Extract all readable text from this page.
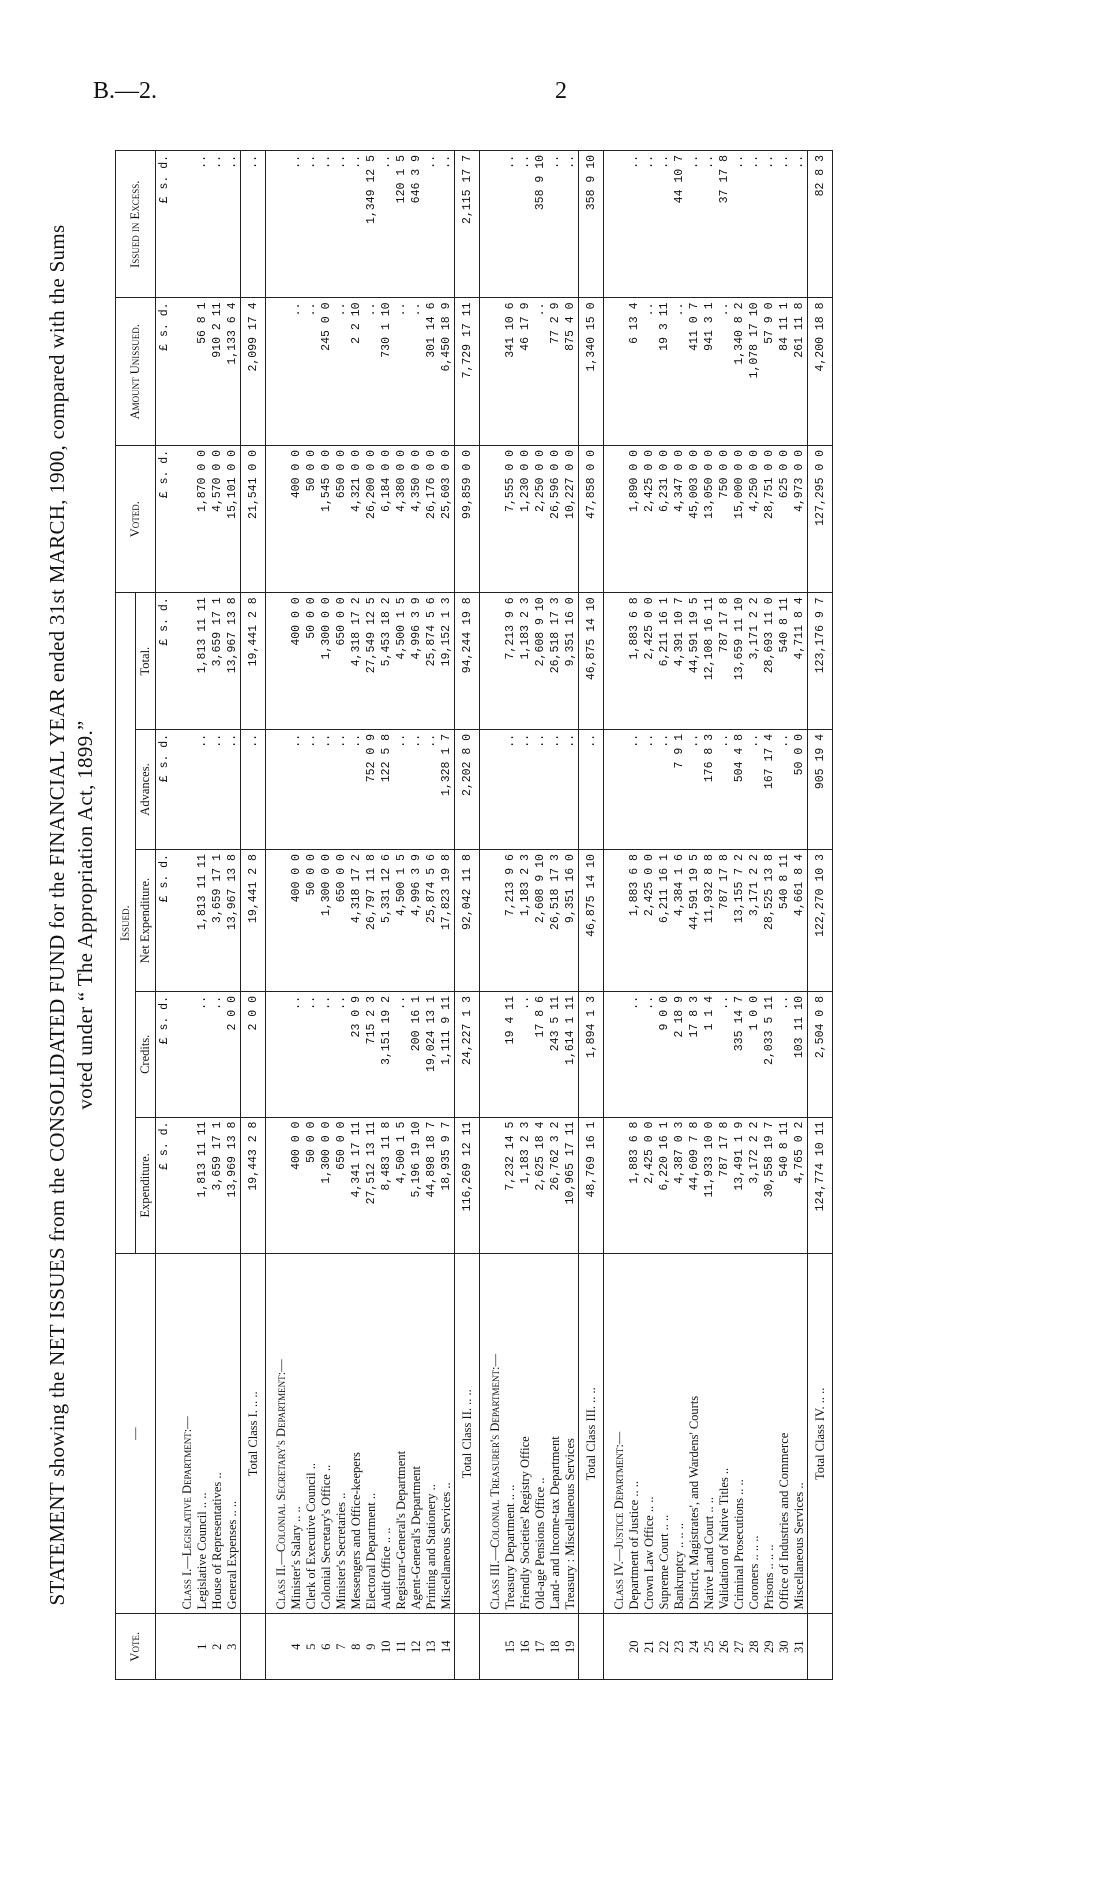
B.—2.	2
STATEMENT showing the NET ISSUES from the CONSOLIDATED FUND for the FINANCIAL YEAR ended 31st MARCH, 1900, compared with the Sums voted under “ The Appropriation Act, 1899.”
Vote.	—	Issued.					Voted.	Amount Unissued.	Issued in Excess.
		Expenditure.	Credits.	Net Expenditure.	Advances.	Total.			
		£ s. d.	£ s. d.	£ s. d.	£ s. d.	£ s. d.	£ s. d.	£ s. d.	£ s. d.

	Class I.—Legislative Department:—								
1	Legislative Council .. ..	1,813 11 11	..	1,813 11 11	..	1,813 11 11	1,870 0 0	56 8 1	..
2	House of Representatives ..	3,659 17 1	..	3,659 17 1	..	3,659 17 1	4,570 0 0	910 2 11	..
3	General Expenses .. ..	13,969 13 8	2 0 0	13,967 13 8	..	13,967 13 8	15,101 0 0	1,133 6 4	..
	Total Class I. .. ..	19,443 2 8	2 0 0	19,441 2 8	..	19,441 2 8	21,541 0 0	2,099 17 4	..

	Class II.—Colonial Secretary's Department:—								
4	Minister's Salary .. ..	400 0 0	..	400 0 0	..	400 0 0	400 0 0	..	..
5	Clerk of Executive Council ..	50 0 0	..	50 0 0	..	50 0 0	50 0 0	..	..
6	Colonial Secretary's Office ..	1,300 0 0	..	1,300 0 0	..	1,300 0 0	1,545 0 0	245 0 0	..
7	Minister's Secretaries ..	650 0 0	..	650 0 0	..	650 0 0	650 0 0	..	..
8	Messengers and Office-keepers	4,341 17 11	23 0 9	4,318 17 2	..	4,318 17 2	4,321 0 0	2 2 10	..
9	Electoral Department ..	27,512 13 11	715 2 3	26,797 11 8	752 0 9	27,549 12 5	26,200 0 0	..	1,349 12 5
10	Audit Office .. ..	8,483 11 8	3,151 19 2	5,331 12 6	122 5 8	5,453 18 2	6,184 0 0	730 1 10	..
11	Registrar-General's Department	4,500 1 5	..	4,500 1 5	..	4,500 1 5	4,380 0 0	..	120 1 5
12	Agent-General's Department	5,196 19 10	200 16 1	4,996 3 9	..	4,996 3 9	4,350 0 0	..	646 3 9
13	Printing and Stationery ..	44,898 18 7	19,024 13 1	25,874 5 6	..	25,874 5 6	26,176 0 0	301 14 6	..
14	Miscellaneous Services ..	18,935 9 7	1,111 9 11	17,823 19 8	1,328 1 7	19,152 1 3	25,603 0 0	6,450 18 9	..
	Total Class II. .. ..	116,269 12 11	24,227 1 3	92,042 11 8	2,202 8 0	94,244 19 8	99,859 0 0	7,729 17 11	2,115 17 7

	Class III.—Colonial Treasurer's Department:—								
15	Treasury Department .. ..	7,232 14 5	19 4 11	7,213 9 6	..	7,213 9 6	7,555 0 0	341 10 6	..
16	Friendly Societies' Registry Office	1,183 2 3	..	1,183 2 3	..	1,183 2 3	1,230 0 0	46 17 9	..
17	Old-age Pensions Office ..	2,625 18 4	17 8 6	2,608 9 10	..	2,608 9 10	2,250 0 0	..	358 9 10
18	Land- and Income-tax Department	26,762 3 2	243 5 11	26,518 17 3	..	26,518 17 3	26,596 0 0	77 2 9	..
19	Treasury : Miscellaneous Services	10,965 17 11	1,614 1 11	9,351 16 0	..	9,351 16 0	10,227 0 0	875 4 0	..
	Total Class III. .. ..	48,769 16 1	1,894 1 3	46,875 14 10	..	46,875 14 10	47,858 0 0	1,340 15 0	358 9 10

	Class IV.—Justice Department:—								
20	Department of Justice .. ..	1,883 6 8	..	1,883 6 8	..	1,883 6 8	1,890 0 0	6 13 4	..
21	Crown Law Office .. ..	2,425 0 0	..	2,425 0 0	..	2,425 0 0	2,425 0 0	..	..
22	Supreme Court .. ..	6,220 16 1	9 0 0	6,211 16 1	..	6,211 16 1	6,231 0 0	19 3 11	..
23	Bankruptcy .. .. ..	4,387 0 3	2 18 9	4,384 1 6	7 9 1	4,391 10 7	4,347 0 0	..	44 10 7
24	District, Magistrates', and Wardens' Courts	44,609 7 8	17 8 3	44,591 19 5	..	44,591 19 5	45,003 0 0	411 0 7	..
25	Native Land Court .. ..	11,933 10 0	1 1 4	11,932 8 8	176 8 3	12,108 16 11	13,050 0 0	941 3 1	..
26	Validation of Native Titles ..	787 17 8	..	787 17 8	..	787 17 8	750 0 0	..	37 17 8
27	Criminal Prosecutions .. ..	13,491 1 9	335 14 7	13,155 7 2	504 4 8	13,659 11 10	15,000 0 0	1,340 8 2	..
28	Coroners .. .. ..	3,172 2 2	1 0 0	3,171 2 2	..	3,171 2 2	4,250 0 0	1,078 17 10	..
29	Prisons .. .. ..	30,558 19 7	2,033 5 11	28,525 13 8	167 17 4	28,693 11 0	28,751 0 0	57 9 0	..
30	Office of Industries and Commerce	540 8 11	..	540 8 11	..	540 8 11	625 0 0	84 11 1	..
31	Miscellaneous Services ..	4,765 0 2	103 11 10	4,661 8 4	50 0 0	4,711 8 4	4,973 0 0	261 11 8	..
	Total Class IV. .. ..	124,774 10 11	2,504 0 8	122,270 10 3	905 19 4	123,176 9 7	127,295 0 0	4,200 18 8	82 8 3
